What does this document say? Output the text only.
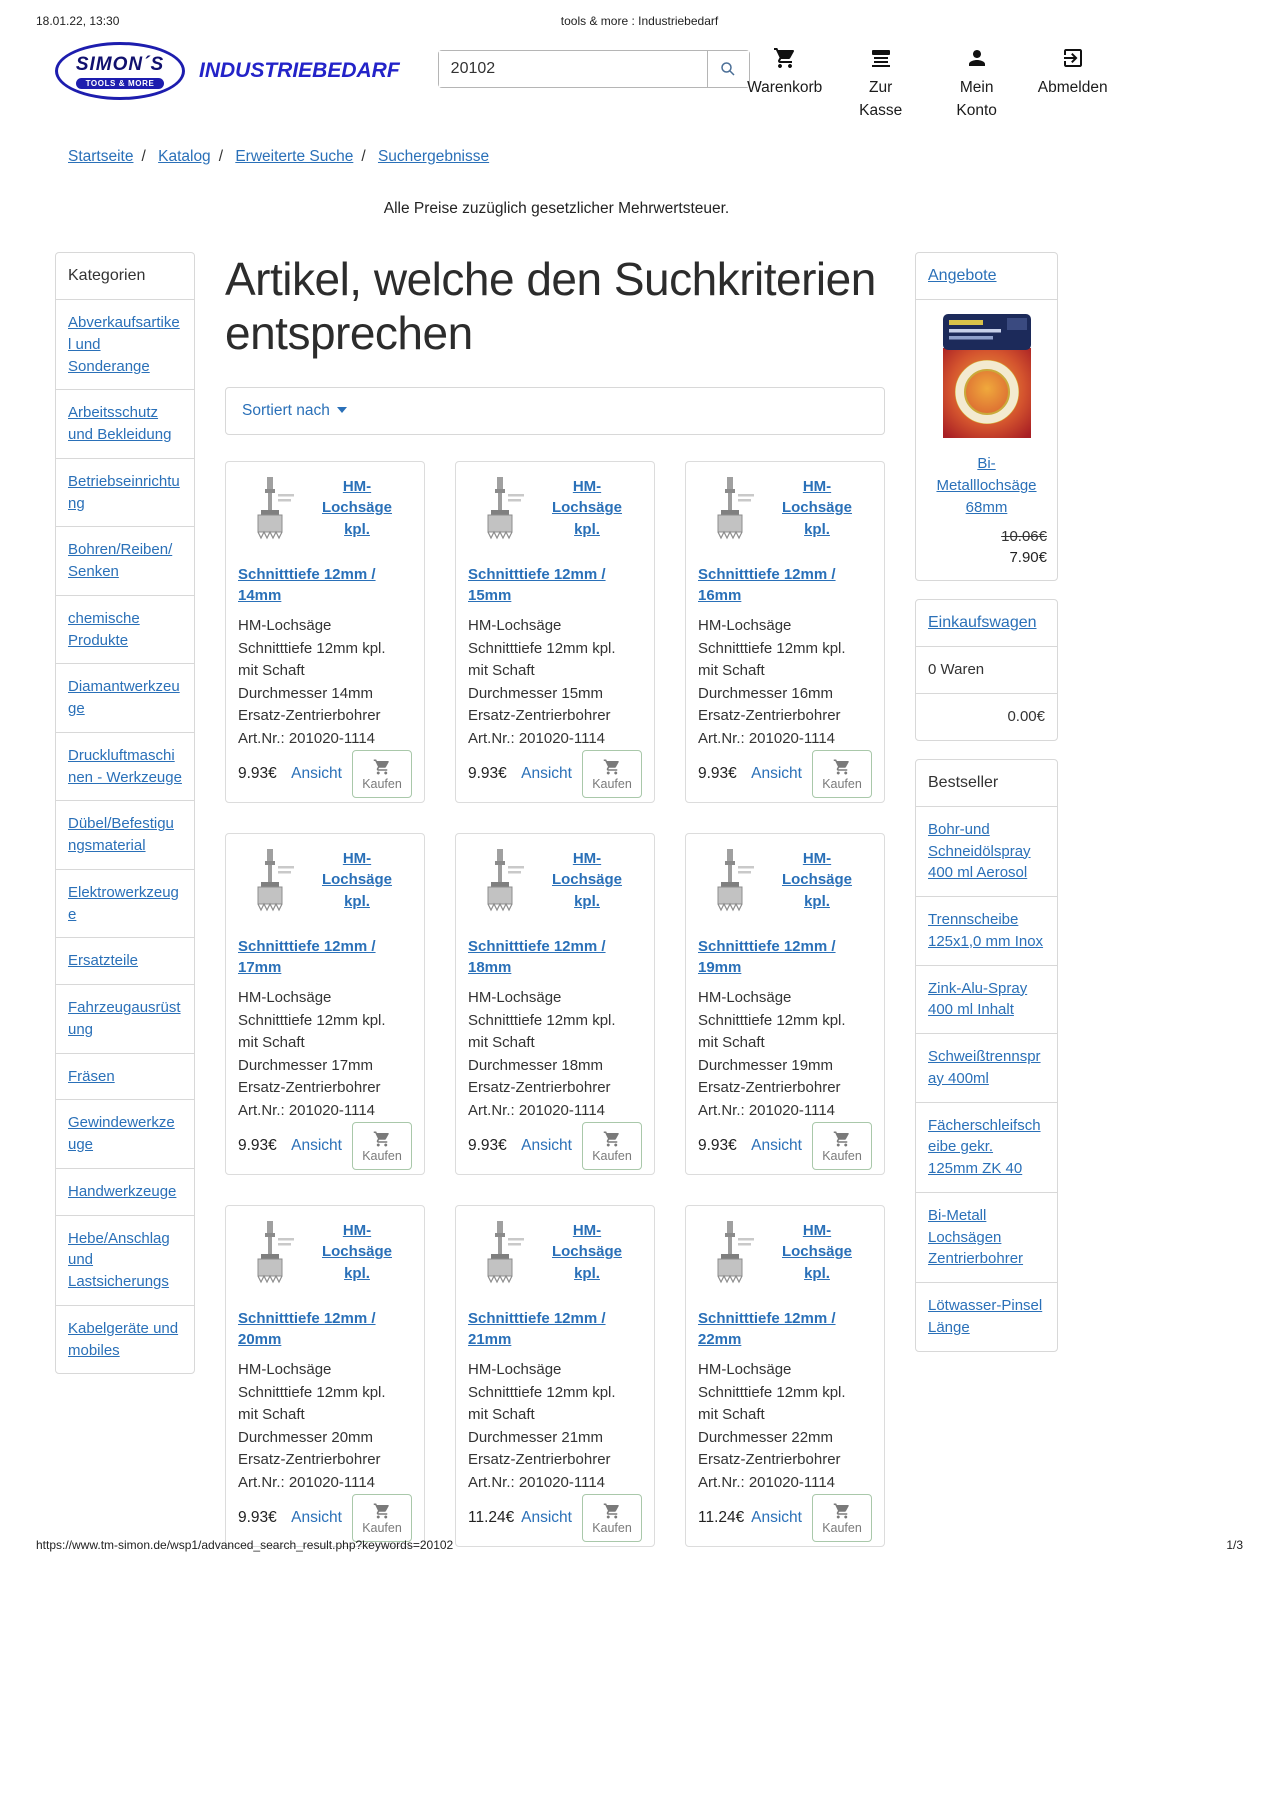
18.01.22, 13:30	tools & more : Industriebedarf
SIMON´S
TOOLS & MORE
INDUSTRIEBEDARF
20102
Warenkorb	Zur Kasse
Mein Konto
Abmelden
Startseite / Katalog / Erweiterte Suche / Suchergebnisse
Alle Preise zuzüglich gesetzlicher Mehrwertsteuer.
Kategorien
Abverkaufsartikel und Sonderange
Arbeitsschutz und Bekleidung
Betriebseinrichtung
Bohren/Reiben/Senken
chemische Produkte
Diamantwerkzeuge
Druckluftmaschinen - Werkzeuge
Dübel/Befestigungsmaterial
Elektrowerkzeuge
Ersatzteile
Fahrzeugausrüstung
Fräsen
Gewindewerkzeuge
Handwerkzeuge
Hebe/Anschlag und Lastsicherungs
Kabelgeräte und mobiles
Artikel, welche den Suchkriterien entsprechen
Sortiert nach
HM-Lochsäge kpl.
Schnitttiefe 12mm / 14mm

HM-Lochsäge
Schnitttiefe 12mm kpl.
mit Schaft
Durchmesser 14mm
Ersatz-Zentrierbohrer
Art.Nr.: 201020-1114

9.93€ Ansicht
Kaufen
HM-Lochsäge kpl.
Schnitttiefe 12mm / 15mm

HM-Lochsäge
Schnitttiefe 12mm kpl.
mit Schaft
Durchmesser 15mm
Ersatz-Zentrierbohrer
Art.Nr.: 201020-1114

9.93€ Ansicht
Kaufen
HM-Lochsäge kpl.
Schnitttiefe 12mm / 16mm

HM-Lochsäge
Schnitttiefe 12mm kpl.
mit Schaft
Durchmesser 16mm
Ersatz-Zentrierbohrer
Art.Nr.: 201020-1114

9.93€ Ansicht
Kaufen
HM-Lochsäge kpl.
Schnitttiefe 12mm / 17mm

HM-Lochsäge
Schnitttiefe 12mm kpl.
mit Schaft
Durchmesser 17mm
Ersatz-Zentrierbohrer
Art.Nr.: 201020-1114

9.93€ Ansicht
Kaufen
HM-Lochsäge kpl.
Schnitttiefe 12mm / 18mm

HM-Lochsäge
Schnitttiefe 12mm kpl.
mit Schaft
Durchmesser 18mm
Ersatz-Zentrierbohrer
Art.Nr.: 201020-1114

9.93€ Ansicht
Kaufen
HM-Lochsäge kpl.
Schnitttiefe 12mm / 19mm

HM-Lochsäge
Schnitttiefe 12mm kpl.
mit Schaft
Durchmesser 19mm
Ersatz-Zentrierbohrer
Art.Nr.: 201020-1114

9.93€ Ansicht
Kaufen
HM-Lochsäge kpl.
Schnitttiefe 12mm / 20mm

HM-Lochsäge
Schnitttiefe 12mm kpl.
mit Schaft
Durchmesser 20mm
Ersatz-Zentrierbohrer
Art.Nr.: 201020-1114

9.93€ Ansicht
Kaufen
HM-Lochsäge kpl.
Schnitttiefe 12mm / 21mm

HM-Lochsäge
Schnitttiefe 12mm kpl.
mit Schaft
Durchmesser 21mm
Ersatz-Zentrierbohrer
Art.Nr.: 201020-1114

11.24€ Ansicht
Kaufen
HM-Lochsäge kpl.
Schnitttiefe 12mm / 22mm

HM-Lochsäge
Schnitttiefe 12mm kpl.
mit Schaft
Durchmesser 22mm
Ersatz-Zentrierbohrer
Art.Nr.: 201020-1114

11.24€ Ansicht
Kaufen
Angebote
Bi-Metalllochsäge 68mm
10.06€
7.90€
Einkaufswagen
0 Waren
0.00€
Bestseller
Bohr-und Schneidölspray 400 ml Aerosol
Trennscheibe 125x1,0 mm Inox
Zink-Alu-Spray 400 ml Inhalt
Schweißtrennspray 400ml
Fächerschleifscheibe gekr. 125mm ZK 40
Bi-Metall Lochsägen Zentrierbohrer
Lötwasser-Pinsel Länge
https://www.tm-simon.de/wsp1/advanced_search_result.php?keywords=20102	1/3
